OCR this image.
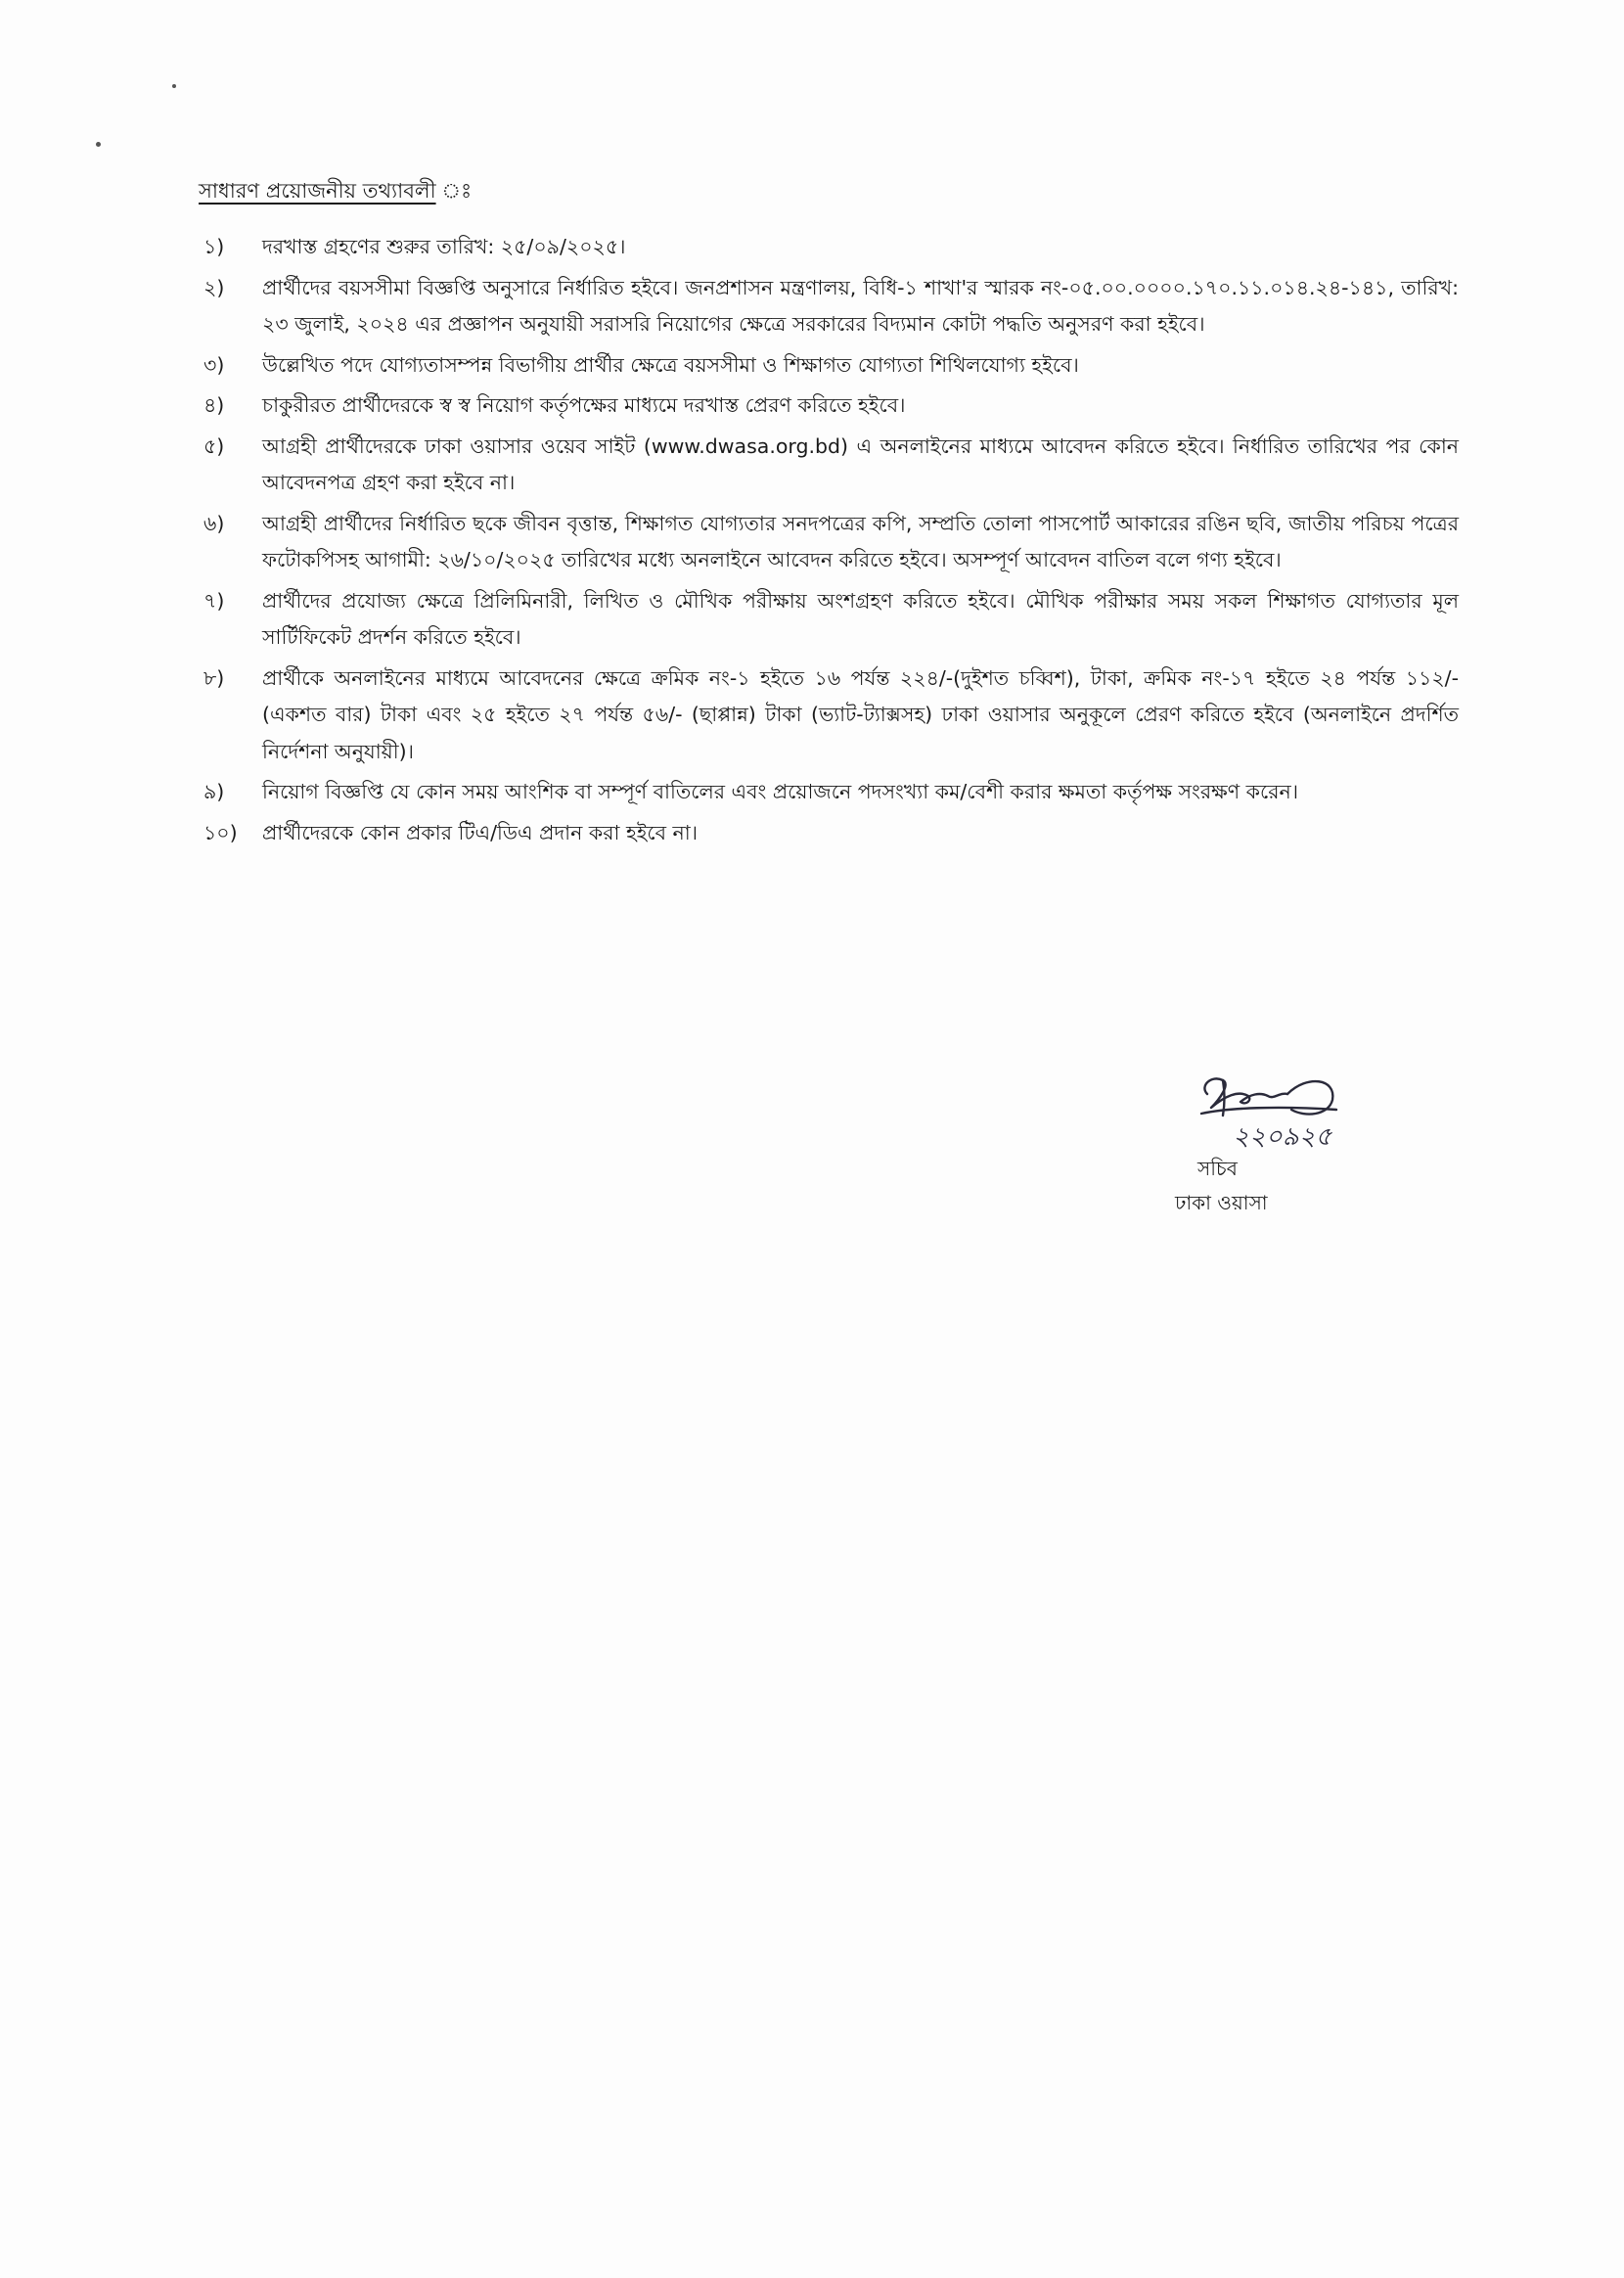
সাধারণ প্রয়োজনীয় তথ্যাবলী ঃ
১)	দরখাস্ত গ্রহণের শুরুর তারিখ: ২৫/০৯/২০২৫।
২)	প্রার্থীদের বয়সসীমা বিজ্ঞপ্তি অনুসারে নির্ধারিত হইবে। জনপ্রশাসন মন্ত্রণালয়, বিধি-১ শাখা'র স্মারক নং-০৫.০০.০০০০.১৭০.১১.০১৪.২৪-১৪১, তারিখ: ২৩ জুলাই, ২০২৪ এর প্রজ্ঞাপন অনুযায়ী সরাসরি নিয়োগের ক্ষেত্রে সরকারের বিদ্যমান কোটা পদ্ধতি অনুসরণ করা হইবে।
৩)	উল্লেখিত পদে যোগ্যতাসম্পন্ন বিভাগীয় প্রার্থীর ক্ষেত্রে বয়সসীমা ও শিক্ষাগত যোগ্যতা শিথিলযোগ্য হইবে।
৪)	চাকুরীরত প্রার্থীদেরকে স্ব স্ব নিয়োগ কর্তৃপক্ষের মাধ্যমে দরখাস্ত প্রেরণ করিতে হইবে।
৫)	আগ্রহী প্রার্থীদেরকে ঢাকা ওয়াসার ওয়েব সাইট (www.dwasa.org.bd) এ অনলাইনের মাধ্যমে আবেদন করিতে হইবে। নির্ধারিত তারিখের পর কোন আবেদনপত্র গ্রহণ করা হইবে না।
৬)	আগ্রহী প্রার্থীদের নির্ধারিত ছকে জীবন বৃত্তান্ত, শিক্ষাগত যোগ্যতার সনদপত্রের কপি, সম্প্রতি তোলা পাসপোর্ট আকারের রঙিন ছবি, জাতীয় পরিচয় পত্রের ফটোকপিসহ আগামী: ২৬/১০/২০২৫ তারিখের মধ্যে অনলাইনে আবেদন করিতে হইবে। অসম্পূর্ণ আবেদন বাতিল বলে গণ্য হইবে।
৭)	প্রার্থীদের প্রযোজ্য ক্ষেত্রে প্রিলিমিনারী, লিখিত ও মৌখিক পরীক্ষায় অংশগ্রহণ করিতে হইবে। মৌখিক পরীক্ষার সময় সকল শিক্ষাগত যোগ্যতার মূল সার্টিফিকেট প্রদর্শন করিতে হইবে।
৮)	প্রার্থীকে অনলাইনের মাধ্যমে আবেদনের ক্ষেত্রে ক্রমিক নং-১ হইতে ১৬ পর্যন্ত ২২৪/-(দুইশত চব্বিশ), টাকা, ক্রমিক নং-১৭ হইতে ২৪ পর্যন্ত ১১২/- (একশত বার) টাকা এবং ২৫ হইতে ২৭ পর্যন্ত ৫৬/- (ছাপ্পান্ন) টাকা (ভ্যাট-ট্যাক্সসহ) ঢাকা ওয়াসার অনুকূলে প্রেরণ করিতে হইবে (অনলাইনে প্রদর্শিত নির্দেশনা অনুযায়ী)।
৯)	নিয়োগ বিজ্ঞপ্তি যে কোন সময় আংশিক বা সম্পূর্ণ বাতিলের এবং প্রয়োজনে পদসংখ্যা কম/বেশী করার ক্ষমতা কর্তৃপক্ষ সংরক্ষণ করেন।
১০)	প্রার্থীদেরকে কোন প্রকার টিএ/ডিএ প্রদান করা হইবে না।
২২০৯২৫
সচিব
ঢাকা ওয়াসা
